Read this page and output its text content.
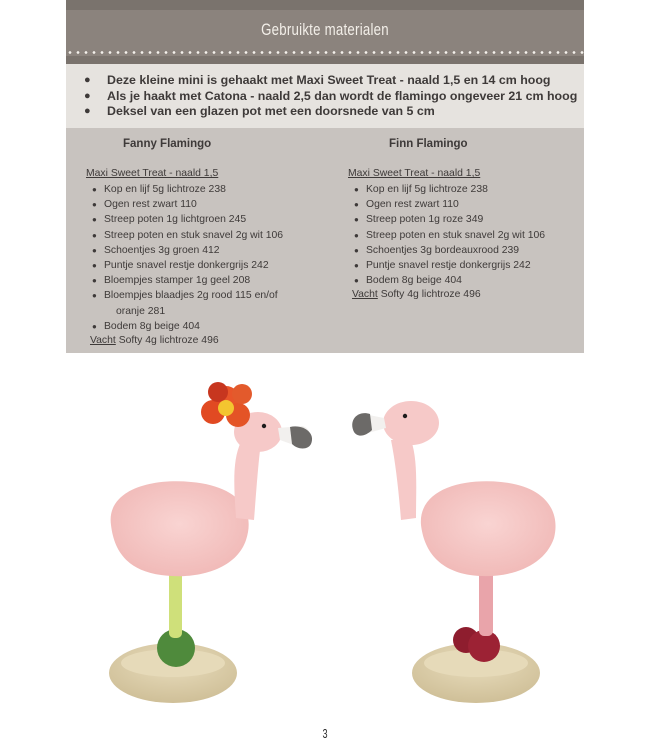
Gebruikte materialen
● Deze kleine mini is gehaakt met Maxi Sweet Treat - naald 1,5 en 14 cm hoog
● Als je haakt met Catona - naald 2,5 dan wordt de flamingo ongeveer 21 cm hoog
● Deksel van een glazen pot met een doorsnede van 5 cm
Fanny Flamingo
Maxi Sweet Treat - naald 1,5
● Kop en lijf 5g lichtroze 238
● Ogen rest zwart 110
● Streep poten 1g lichtgroen 245
● Streep poten en stuk snavel 2g wit 106
● Schoentjes 3g groen 412
● Puntje snavel restje donkergrijs 242
● Bloempjes stamper 1g geel 208
● Bloempjes blaadjes 2g rood 115 en/of
oranje 281
● Bodem 8g beige 404
Vacht Softy 4g lichtroze 496
Finn Flamingo
Maxi Sweet Treat - naald 1,5
● Kop en lijf 5g lichtroze 238
● Ogen rest zwart 110
● Streep poten 1g roze 349
● Streep poten en stuk snavel 2g wit 106
● Schoentjes 3g bordeauxrood 239
● Puntje snavel restje donkergrijs 242
● Bodem 8g beige 404
Vacht Softy 4g lichtroze 496
3
